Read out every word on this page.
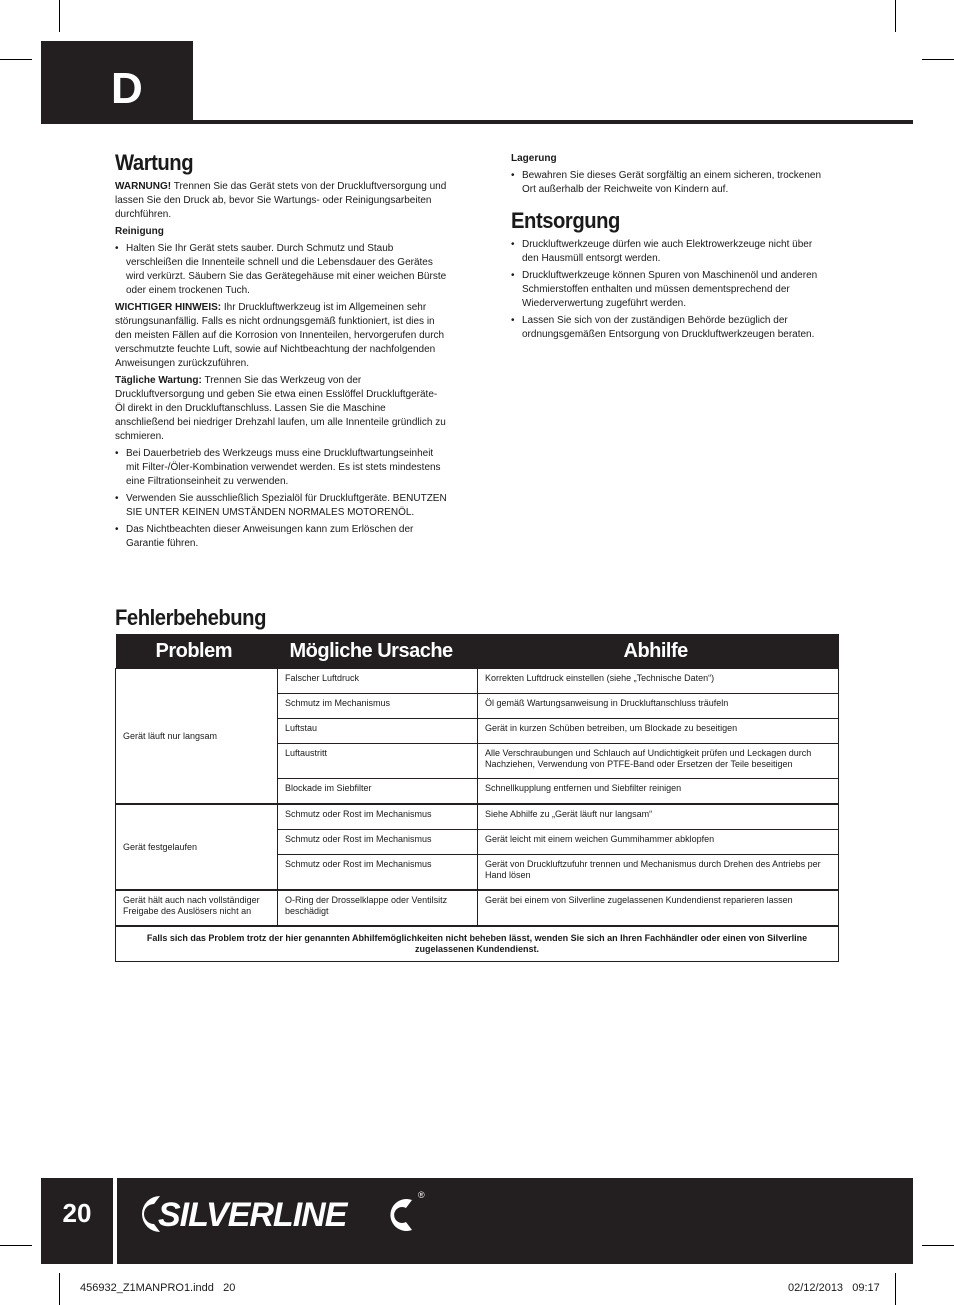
D
Wartung

WARNUNG! Trennen Sie das Gerät stets von der Druckluftversorgung und lassen Sie den Druck ab, bevor Sie Wartungs- oder Reinigungsarbeiten durchführen.

Reinigung
• Halten Sie Ihr Gerät stets sauber. Durch Schmutz und Staub verschleißen die Innenteile schnell und die Lebensdauer des Gerätes wird verkürzt. Säubern Sie das Gerätegehäuse mit einer weichen Bürste oder einem trockenen Tuch.

WICHTIGER HINWEIS: Ihr Druckluftwerkzeug ist im Allgemeinen sehr störungsunanfällig. Falls es nicht ordnungsgemäß funktioniert, ist dies in den meisten Fällen auf die Korrosion von Innenteilen, hervorgerufen durch verschmutzte feuchte Luft, sowie auf Nichtbeachtung der nachfolgenden Anweisungen zurückzuführen.

Tägliche Wartung: Trennen Sie das Werkzeug von der Druckluftversorgung und geben Sie etwa einen Esslöffel Druckluftgeräte-Öl direkt in den Druckluftanschluss. Lassen Sie die Maschine anschließend bei niedriger Drehzahl laufen, um alle Innenteile gründlich zu schmieren.

• Bei Dauerbetrieb des Werkzeugs muss eine Druckluftwartungseinheit mit Filter-/Öler-Kombination verwendet werden. Es ist stets mindestens eine Filtrationseinheit zu verwenden.
• Verwenden Sie ausschließlich Spezialöl für Druckluftgeräte. BENUTZEN SIE UNTER KEINEN UMSTÄNDEN NORMALES MOTORENÖL.
• Das Nichtbeachten dieser Anweisungen kann zum Erlöschen der Garantie führen.
Lagerung
• Bewahren Sie dieses Gerät sorgfältig an einem sicheren, trockenen Ort außerhalb der Reichweite von Kindern auf.
Entsorgung
• Druckluftwerkzeuge dürfen wie auch Elektrowerkzeuge nicht über den Hausmüll entsorgt werden.
• Druckluftwerkzeuge können Spuren von Maschinenöl und anderen Schmierstoffen enthalten und müssen dementsprechend der Wiederverwertung zugeführt werden.
• Lassen Sie sich von der zuständigen Behörde bezüglich der ordnungsgemäßen Entsorgung von Druckluftwerkzeugen beraten.
Fehlerbehebung
Problem	Mögliche Ursache	Abhilfe
Gerät läuft nur langsam	Falscher Luftdruck	Korrekten Luftdruck einstellen (siehe „Technische Daten“)
	Schmutz im Mechanismus	Öl gemäß Wartungsanweisung in Druckluftanschluss träufeln
	Luftstau	Gerät in kurzen Schüben betreiben, um Blockade zu beseitigen
	Luftaustritt	Alle Verschraubungen und Schlauch auf Undichtigkeit prüfen und Leckagen durch Nachziehen, Verwendung von PTFE-Band oder Ersetzen der Teile beseitigen
	Blockade im Siebfilter	Schnellkupplung entfernen und Siebfilter reinigen
Gerät festgelaufen	Schmutz oder Rost im Mechanismus	Siehe Abhilfe zu „Gerät läuft nur langsam“
	Schmutz oder Rost im Mechanismus	Gerät leicht mit einem weichen Gummihammer abklopfen
	Schmutz oder Rost im Mechanismus	Gerät von Druckluftzufuhr trennen und Mechanismus durch Drehen des Antriebs per Hand lösen
Gerät hält auch nach vollständiger Freigabe des Auslösers nicht an	O-Ring der Drosselklappe oder Ventilsitz beschädigt	Gerät bei einem von Silverline zugelassenen Kundendienst reparieren lassen
Falls sich das Problem trotz der hier genannten Abhilfemöglichkeiten nicht beheben lässt, wenden Sie sich an Ihren Fachhändler oder einen von Silverline zugelassenen Kundendienst.		
20	SILVERLINE
®
456932_Z1MANPRO1.indd   20	02/12/2013   09:17
